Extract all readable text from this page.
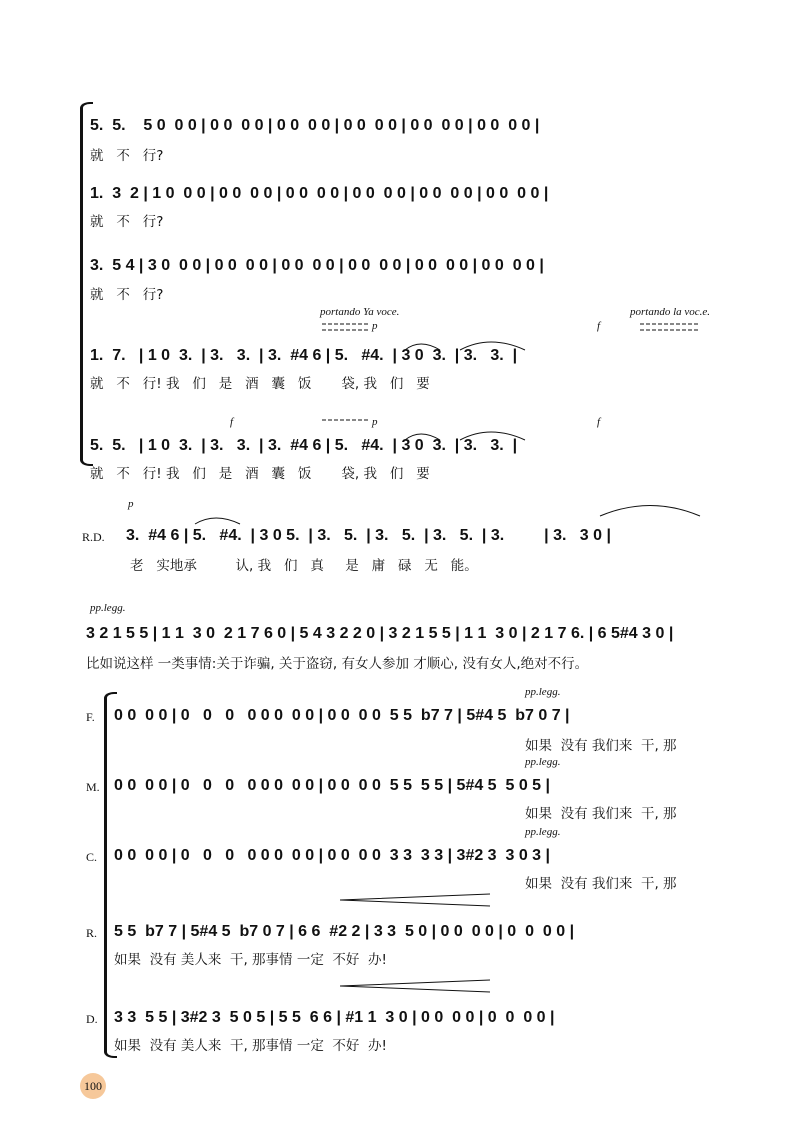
5.  5.    5 0  0 0 | 0 0  0 0 | 0 0  0 0 | 0 0  0 0 | 0 0  0 0 | 0 0  0 0 |
就   不   行?
1.  3  2 | 1 0  0 0 | 0 0  0 0 | 0 0  0 0 | 0 0  0 0 | 0 0  0 0 | 0 0  0 0 |
就   不   行?
3.  5 4 | 3 0  0 0 | 0 0  0 0 | 0 0  0 0 | 0 0  0 0 | 0 0  0 0 | 0 0  0 0 |
就   不   行?
portando Ya voce.	portando la voc.e.
p	f
1.  7.   | 1 0  3.  | 3.   3.  | 3.  #4 6 | 5.   #4.  | 3 0  3.  | 3.   3.  |
就   不   行! 我   们   是   酒   囊   饭       袋, 我   们   要
f	p	f
5.  5.   | 1 0  3.  | 3.   3.  | 3.  #4 6 | 5.   #4.  | 3 0  3.  | 3.   3.  |
就   不   行! 我   们   是   酒   囊   饭       袋, 我   们   要
p
R.D. 3.  #4 6 | 5.   #4.  | 3 0 5.  | 3.   5.  | 3.   5.  | 3.   5.  | 3.         | 3.   3 0 |
老   实地承         认, 我   们   真     是   庸   碌   无   能。
pp.legg.
3 2 1 5 5 | 1 1  3 0  2 1 7 6 0 | 5 4 3 2 2 0 | 3 2 1 5 5 | 1 1  3 0 | 2 1 7 6. | 6 5#4 3 0 |
比如说这样 一类事情:关于诈骗, 关于盗窃, 有女人参加 才顺心, 没有女人,绝对不行。
pp.legg.
F. 0 0  0 0 | 0   0   0   0 0 0  0 0 | 0 0  0 0  5 5  b7 7 | 5#4 5  b7 0 7 |
如果  没有 我们来  干, 那
pp.legg.
M. 0 0  0 0 | 0   0   0   0 0 0  0 0 | 0 0  0 0  5 5  5 5 | 5#4 5  5 0 5 |
如果  没有 我们来  干, 那
pp.legg.
C. 0 0  0 0 | 0   0   0   0 0 0  0 0 | 0 0  0 0  3 3  3 3 | 3#2 3  3 0 3 |
如果  没有 我们来  干, 那
R. 5 5  b7 7 | 5#4 5  b7 0 7 | 6 6  #2 2 | 3 3  5 0 | 0 0  0 0 | 0  0  0 0 |
如果  没有 美人来  干, 那事情 一定  不好  办!
D. 3 3  5 5 | 3#2 3  5 0 5 | 5 5  6 6 | #1 1  3 0 | 0 0  0 0 | 0  0  0 0 |
如果  没有 美人来  干, 那事情 一定  不好  办!
100
